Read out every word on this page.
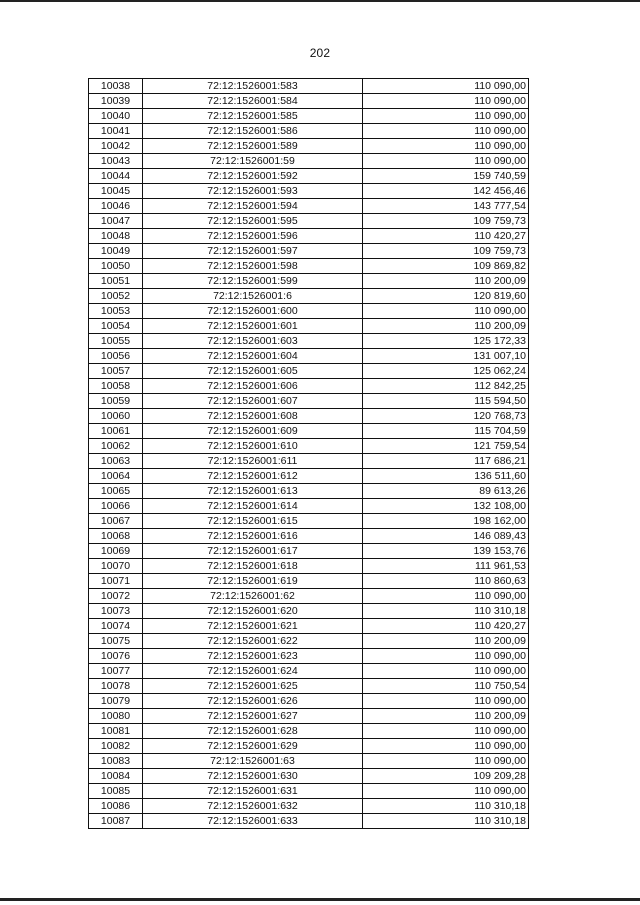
202
10038	72:12:1526001:583	110 090,00
10039	72:12:1526001:584	110 090,00
10040	72:12:1526001:585	110 090,00
10041	72:12:1526001:586	110 090,00
10042	72:12:1526001:589	110 090,00
10043	72:12:1526001:59	110 090,00
10044	72:12:1526001:592	159 740,59
10045	72:12:1526001:593	142 456,46
10046	72:12:1526001:594	143 777,54
10047	72:12:1526001:595	109 759,73
10048	72:12:1526001:596	110 420,27
10049	72:12:1526001:597	109 759,73
10050	72:12:1526001:598	109 869,82
10051	72:12:1526001:599	110 200,09
10052	72:12:1526001:6	120 819,60
10053	72:12:1526001:600	110 090,00
10054	72:12:1526001:601	110 200,09
10055	72:12:1526001:603	125 172,33
10056	72:12:1526001:604	131 007,10
10057	72:12:1526001:605	125 062,24
10058	72:12:1526001:606	112 842,25
10059	72:12:1526001:607	115 594,50
10060	72:12:1526001:608	120 768,73
10061	72:12:1526001:609	115 704,59
10062	72:12:1526001:610	121 759,54
10063	72:12:1526001:611	117 686,21
10064	72:12:1526001:612	136 511,60
10065	72:12:1526001:613	89 613,26
10066	72:12:1526001:614	132 108,00
10067	72:12:1526001:615	198 162,00
10068	72:12:1526001:616	146 089,43
10069	72:12:1526001:617	139 153,76
10070	72:12:1526001:618	111 961,53
10071	72:12:1526001:619	110 860,63
10072	72:12:1526001:62	110 090,00
10073	72:12:1526001:620	110 310,18
10074	72:12:1526001:621	110 420,27
10075	72:12:1526001:622	110 200,09
10076	72:12:1526001:623	110 090,00
10077	72:12:1526001:624	110 090,00
10078	72:12:1526001:625	110 750,54
10079	72:12:1526001:626	110 090,00
10080	72:12:1526001:627	110 200,09
10081	72:12:1526001:628	110 090,00
10082	72:12:1526001:629	110 090,00
10083	72:12:1526001:63	110 090,00
10084	72:12:1526001:630	109 209,28
10085	72:12:1526001:631	110 090,00
10086	72:12:1526001:632	110 310,18
10087	72:12:1526001:633	110 310,18
